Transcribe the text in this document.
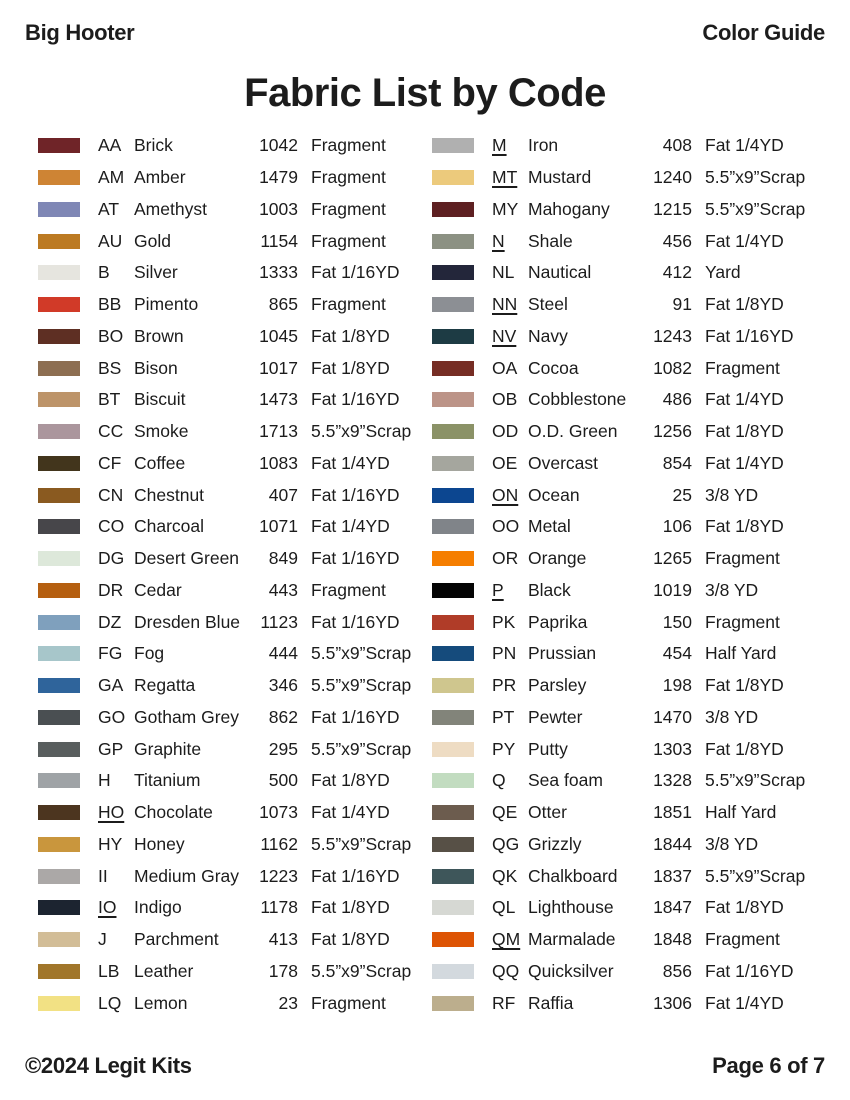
Big Hooter	Color Guide
Fabric List by Code
AA Brick	1042 Fragment
AM Amber	1479 Fragment
AT Amethyst	1003 Fragment
AU Gold	1154 Fragment
B	Silver	1333 Fat 1/16YD
BB Pimento	865 Fragment
BO Brown	1045 Fat 1/8YD
BS Bison	1017 Fat 1/8YD
BT Biscuit	1473 Fat 1/16YD
CC Smoke	1713 5.5”x9”Scrap
CF Coffee	1083 Fat 1/4YD
CN Chestnut	407 Fat 1/16YD
CO Charcoal	1071 Fat 1/4YD
DG Desert Green	849 Fat 1/16YD
DR Cedar	443 Fragment
DZ Dresden Blue	1123 Fat 1/16YD
FG Fog	444 5.5”x9”Scrap
GA Regatta	346 5.5”x9”Scrap
GO Gotham Grey	862 Fat 1/16YD
GP Graphite	295 5.5”x9”Scrap
H	Titanium	500 Fat 1/8YD
HO Chocolate	1073 Fat 1/4YD
HY Honey	1162 5.5”x9”Scrap
II	Medium Gray	1223 Fat 1/16YD
IO	Indigo	1178 Fat 1/8YD
J	Parchment	413 Fat 1/8YD
LB Leather	178 5.5”x9”Scrap
LQ Lemon	23 Fragment
M	Iron	408 Fat 1/4YD
MT Mustard	1240 5.5”x9”Scrap
MY Mahogany	1215 5.5”x9”Scrap
N	Shale	456 Fat 1/4YD
NL Nautical	412 Yard
NN Steel	91 Fat 1/8YD
NV Navy	1243 Fat 1/16YD
OA Cocoa	1082 Fragment
OB Cobblestone	486 Fat 1/4YD
OD O.D. Green	1256 Fat 1/8YD
OE Overcast	854 Fat 1/4YD
ON Ocean	25 3/8 YD
OO Metal	106 Fat 1/8YD
OR Orange	1265 Fragment
P	Black	1019 3/8 YD
PK Paprika	150 Fragment
PN Prussian	454 Half Yard
PR Parsley	198 Fat 1/8YD
PT Pewter	1470 3/8 YD
PY Putty	1303 Fat 1/8YD
Q	Sea foam	1328 5.5”x9”Scrap
QE Otter	1851 Half Yard
QG Grizzly	1844 3/8 YD
QK Chalkboard	1837 5.5”x9”Scrap
QL Lighthouse	1847 Fat 1/8YD
QM Marmalade	1848 Fragment
QQ Quicksilver	856 Fat 1/16YD
RF Raffia	1306 Fat 1/4YD
©2024 Legit Kits	Page 6 of 7
